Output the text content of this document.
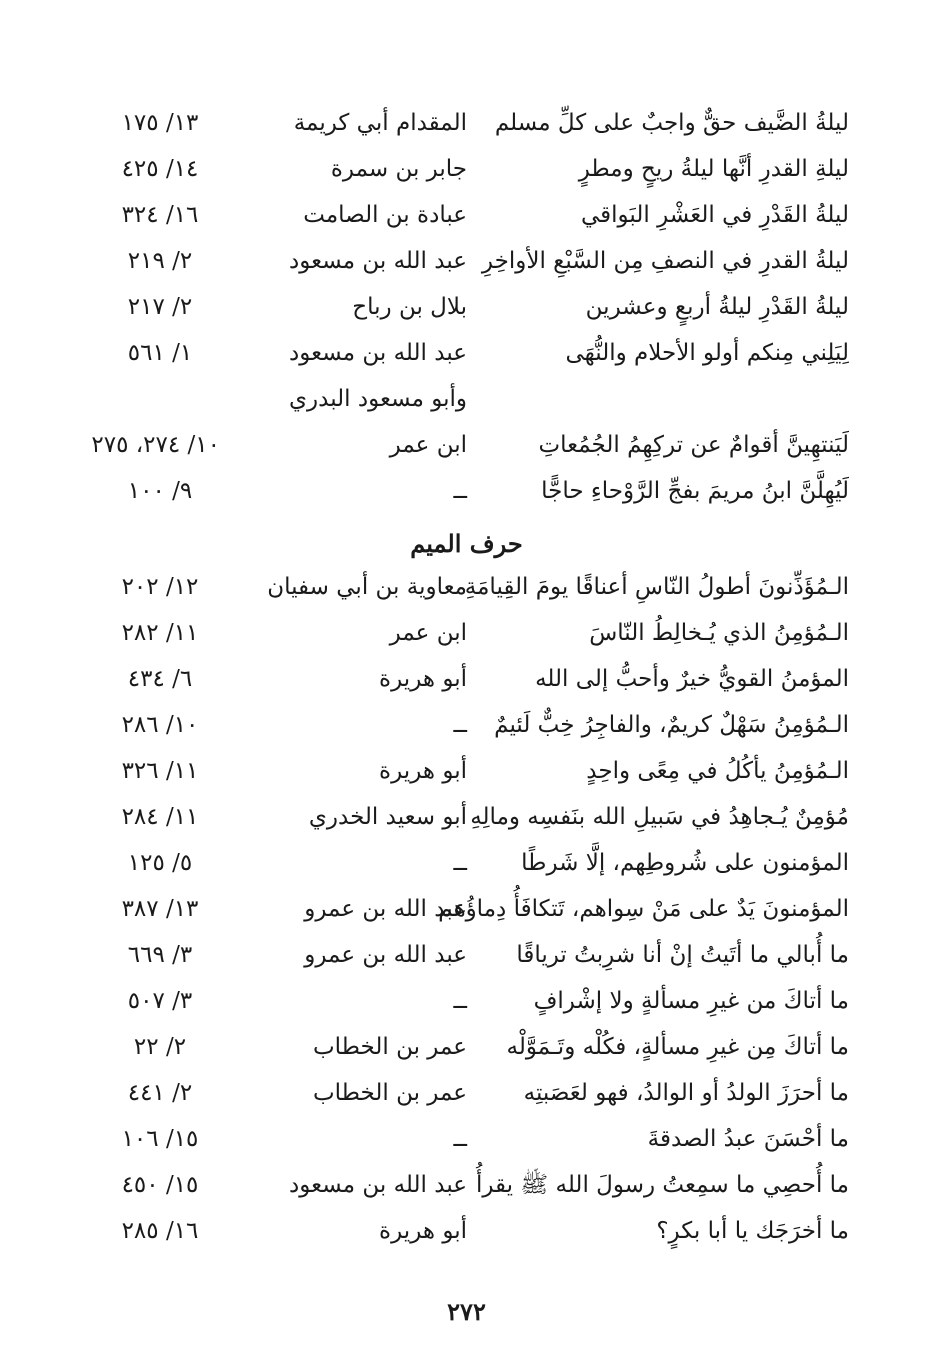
ليلةُ الضَّيف حقٌّ واجبٌ على كلِّ مسلم
المقدام أبي كريمة
١٣/ ١٧٥
ليلةِ القدرِ أنَّها ليلةُ ريحٍ ومطرٍ
جابر بن سمرة
١٤/ ٤٢٥
ليلةُ القَدْرِ في العَشْرِ البَواقي
عبادة بن الصامت
١٦/ ٣٢٤
ليلةُ القدرِ في النصفِ مِن السَّبْعِ الأواخِرِ
عبد الله بن مسعود
٢/ ٢١٩
ليلةُ القَدْرِ ليلةُ أربعٍ وعشرين
بلال بن رباح
٢/ ٢١٧
لِيَلِني مِنكم أولو الأحلام والنُّهَى
عبد الله بن مسعود
١/ ٥٦١
وأبو مسعود البدري
لَيَنتهِينَّ أقوامٌ عن تركِهِمُ الجُمُعاتِ
ابن عمر
١٠/ ٢٧٤، ٢٧٥
لَيُهِلَّنَّ ابنُ مريمَ بفجِّ الرَّوْحاءِ حاجًّا
ــ
٩/ ١٠٠
حرف الميم
الـمُؤَذِّنونَ أطولُ النّاسِ أعناقًا يومَ القِيامَةِ
معاوية بن أبي سفيان
١٢/ ٢٠٢
الـمُؤمِنُ الذي يُـخالِطُ النّاسَ
ابن عمر
١١/ ٢٨٢
المؤمنُ القويُّ خيرٌ وأحبُّ إلى الله
أبو هريرة
٦/ ٤٣٤
الـمُؤمِنُ سَهْلٌ كريمٌ، والفاجِرُ خِبٌّ لَئيمٌ
ــ
١٠/ ٢٨٦
الـمُؤمِنُ يأكُلُ في مِعًى واحِدٍ
أبو هريرة
١١/ ٣٢٦
مُؤمِنٌ يُـجاهِدُ في سَبيلِ الله بنَفسِه ومالِهِ
أبو سعيد الخدري
١١/ ٢٨٤
المؤمنون على شُروطِهم، إلَّا شَرطًا
ــ
٥/ ١٢٥
المؤمنونَ يَدٌ على مَنْ سِواهم، تَتكافَأُ دِماؤُهم
عبد الله بن عمرو
١٣/ ٣٨٧
ما أُبالي ما أتَيتُ إنْ أنا شرِبتُ ترياقًا
عبد الله بن عمرو
٣/ ٦٦٩
ما أتاكَ من غيرِ مسألةٍ ولا إشْرافٍ
ــ
٣/ ٥٠٧
ما أتاكَ مِن غيرِ مسألةٍ، فكُلْه وتَـمَوَّلْه
عمر بن الخطاب
٢/ ٢٢
ما أحرَزَ الولدُ أو الوالدُ، فهو لعَصَبتِه
عمر بن الخطاب
٢/ ٤٤١
ما أحْسَنَ عبدُ الصدقةَ
ــ
١٥/ ١٠٦
ما أُحصِي ما سمِعتُ رسولَ الله ﷺ يقرأُ
عبد الله بن مسعود
١٥/ ٤٥٠
ما أخرَجَك يا أبا بكرٍ؟
أبو هريرة
١٦/ ٢٨٥
٢٧٢
